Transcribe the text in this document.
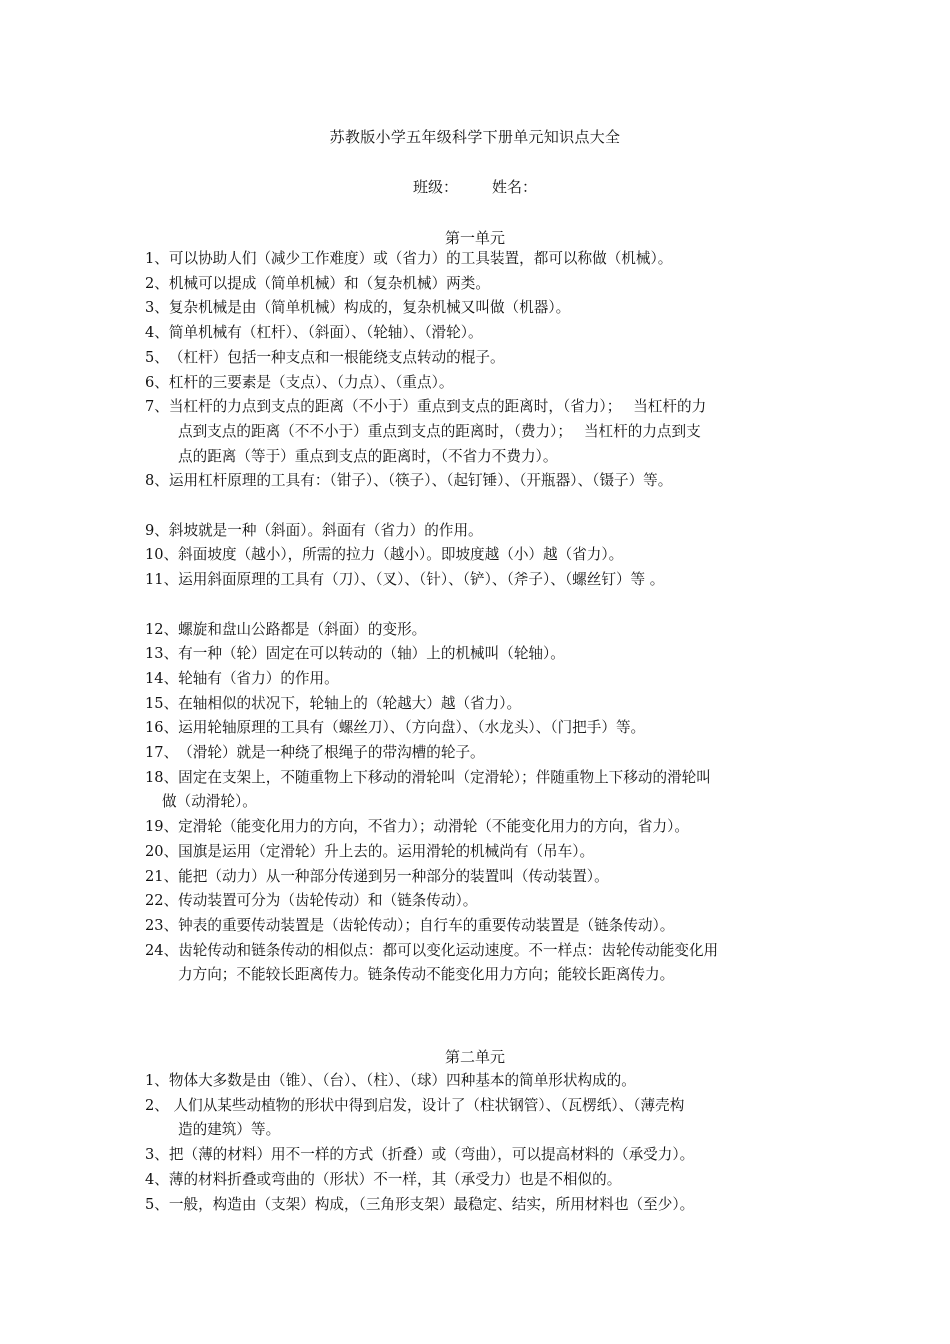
苏教版小学五年级科学下册单元知识点大全
班级： 姓名：
第一单元
1、 可以协助人们（减少工作难度）或（省力）的工具装置，都可以称做（机械）。
2、 机械可以提成（简单机械）和（复杂机械）两类。
3、 复杂机械是由（简单机械）构成的，复杂机械又叫做（机器）。
4、 简单机械有（杠杆）、（斜面）、（轮轴）、（滑轮）。
5、 （杠杆）包括一种支点和一根能绕支点转动的棍子。
6、 杠杆的三要素是（支点）、（力点）、（重点）。
7、当杠杆的力点到支点的距离（不小于）重点到支点的距离时，（省力）；　 当杠杆的力
点到支点的距离（不不小于）重点到支点的距离时，（费力）；　 当杠杆的力点到支
点的距离（等于）重点到支点的距离时，（不省力不费力）。
8、 运用杠杆原理的工具有：（钳子）、（筷子）、（起钉锤）、（开瓶器）、（镊子）等。
9、 斜坡就是一种（斜面）。斜面有（省力）的作用。
10、 斜面坡度（越小），所需的拉力（越小）。即坡度越（小）越（省力）。
11、 运用斜面原理的工具有（刀）、（叉）、（针）、（铲）、（斧子）、（螺丝钉）等 。
12、 螺旋和盘山公路都是（斜面）的变形。
13、 有一种（轮）固定在可以转动的（轴）上的机械叫（轮轴）。
14、 轮轴有（省力）的作用。
15、 在轴相似的状况下，轮轴上的（轮越大）越（省力）。
16、 运用轮轴原理的工具有（螺丝刀）、（方向盘）、（水龙头）、（门把手）等。
17、 （滑轮）就是一种绕了根绳子的带沟槽的轮子。
18、固定在支架上，不随重物上下移动的滑轮叫（定滑轮）；伴随重物上下移动的滑轮叫
做（动滑轮）。
19、 定滑轮（能变化用力的方向，不省力）；动滑轮（不能变化用力的方向，省力）。
20、 国旗是运用（定滑轮）升上去的。运用滑轮的机械尚有（吊车）。
21、 能把（动力）从一种部分传递到另一种部分的装置叫（传动装置）。
22、 传动装置可分为（齿轮传动）和（链条传动）。
23、 钟表的重要传动装置是（齿轮传动）；自行车的重要传动装置是（链条传动）。
24、齿轮传动和链条传动的相似点：都可以变化运动速度。不一样点：齿轮传动能变化用
力方向；不能较长距离传力。链条传动不能变化用力方向；能较长距离传力。
第二单元
1、 物体大多数是由（锥）、（台）、（柱）、（球）四种基本的简单形状构成的。
2、 人们从某些动植物的形状中得到启发，设计了（柱状钢管）、（瓦楞纸）、（薄壳构
造的建筑）等。
3、 把（薄的材料）用不一样的方式（折叠）或（弯曲），可以提高材料的（承受力）。
4、 薄的材料折叠或弯曲的（形状）不一样，其（承受力）也是不相似的。
5、 一般，构造由（支架）构成，（三角形支架）最稳定、结实，所用材料也（至少）。
